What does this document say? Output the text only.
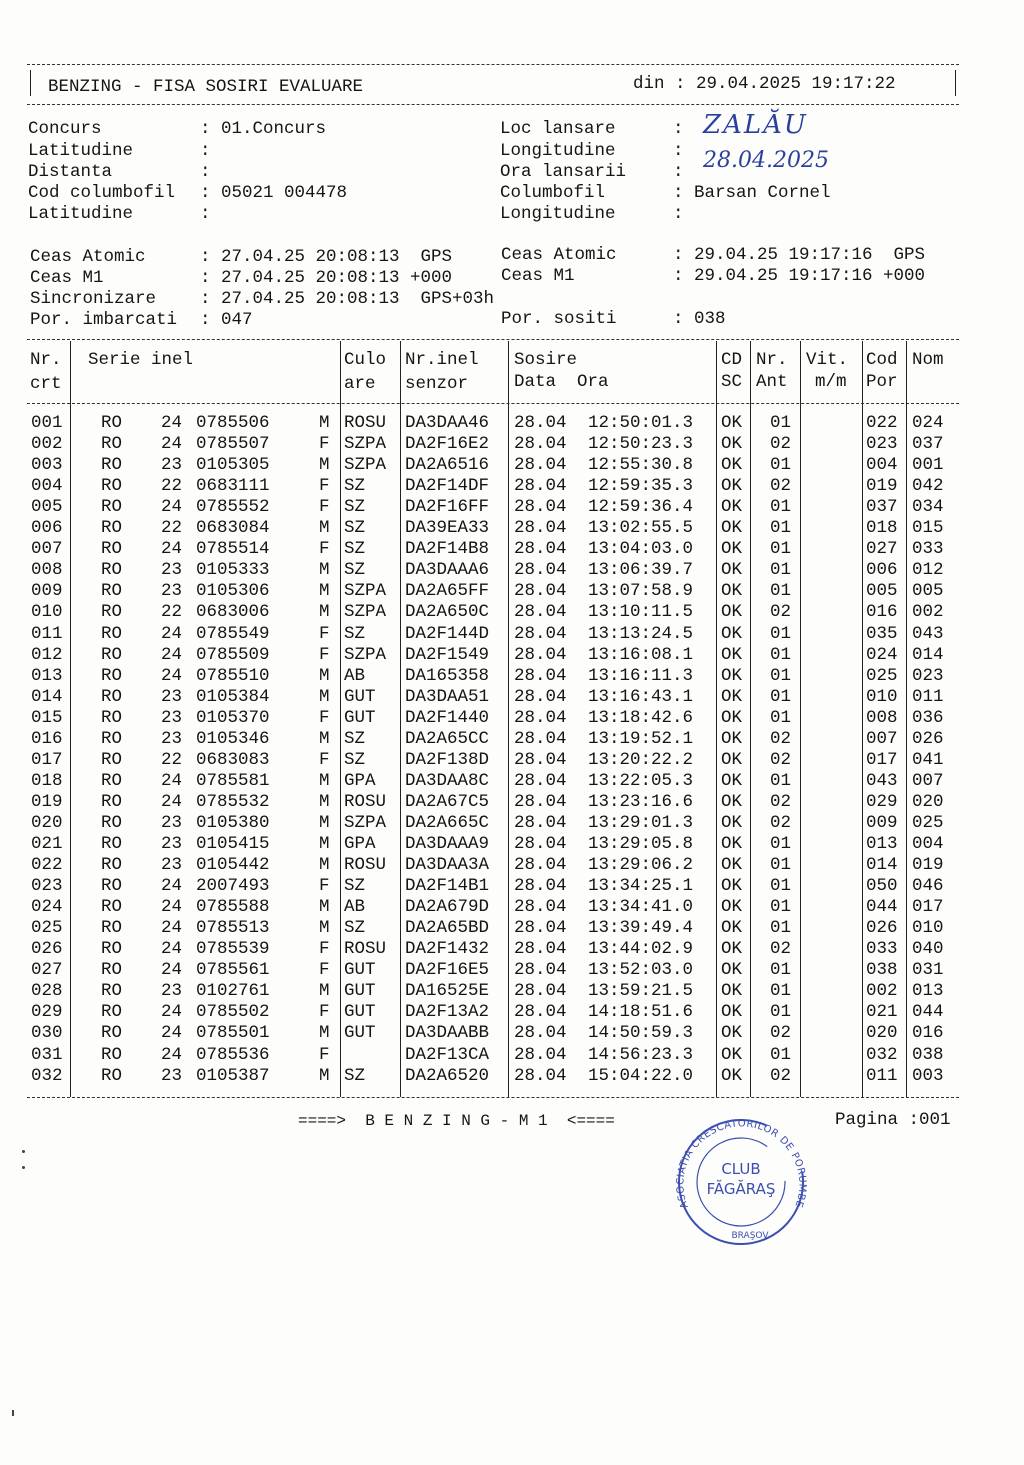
BENZING - FISA SOSIRI EVALUARE	din : 29.04.2025 19:17:22
Concurs	: 01.Concurs
Latitudine	:
Distanta	:
Cod columbofil : 05021 004478
Latitudine	:
Loc lansare	:
Longitudine	:
Ora lansarii	:
Columbofil	: Barsan Cornel
Longitudine	:
ZALĂU
28.04.2025
Ceas Atomic	: 27.04.25 20:08:13  GPS
Ceas M1	: 27.04.25 20:08:13 +000
Sincronizare	: 27.04.25 20:08:13  GPS+03h
Por. imbarcati : 047
Ceas Atomic	: 29.04.25 19:17:16  GPS
Ceas M1	: 29.04.25 19:17:16 +000
Por. sositi	: 038
Nr.
crt
Serie inel	Culo
are
Nr.inel
senzor
Sosire
Data  Ora
CD
SC
Nr.
Ant
Vit.
m/m
Cod
Por
Nom
001 RO 24 0785506	M ROSU DA3DAA46 28.04 12:50:01.3 OK 01	022 024
002 RO 24 0785507	F SZPA DA2F16E2 28.04 12:50:23.3 OK 02	023 037
003 RO 23 0105305	M SZPA DA2A6516 28.04 12:55:30.8 OK 01	004 001
004 RO 22 0683111	F SZ DA2F14DF 28.04 12:59:35.3 OK 02	019 042
005 RO 24 0785552	F SZ DA2F16FF 28.04 12:59:36.4 OK 01	037 034
006 RO 22 0683084	M SZ DA39EA33 28.04 13:02:55.5 OK 01	018 015
007 RO 24 0785514	F SZ DA2F14B8 28.04 13:04:03.0 OK 01	027 033
008 RO 23 0105333	M SZ DA3DAAA6 28.04 13:06:39.7 OK 01	006 012
009 RO 23 0105306	M SZPA DA2A65FF 28.04 13:07:58.9 OK 01	005 005
010 RO 22 0683006	M SZPA DA2A650C 28.04 13:10:11.5 OK 02	016 002
011 RO 24 0785549	F SZ DA2F144D 28.04 13:13:24.5 OK 01	035 043
012 RO 24 0785509	F SZPA DA2F1549 28.04 13:16:08.1 OK 01	024 014
013 RO 24 0785510	M AB DA165358 28.04 13:16:11.3 OK 01	025 023
014 RO 23 0105384	M GUT DA3DAA51 28.04 13:16:43.1 OK 01	010 011
015 RO 23 0105370	F GUT DA2F1440 28.04 13:18:42.6 OK 01	008 036
016 RO 23 0105346	M SZ DA2A65CC 28.04 13:19:52.1 OK 02	007 026
017 RO 22 0683083	F SZ DA2F138D 28.04 13:20:22.2 OK 02	017 041
018 RO 24 0785581	M GPA DA3DAA8C 28.04 13:22:05.3 OK 01	043 007
019 RO 24 0785532	M ROSU DA2A67C5 28.04 13:23:16.6 OK 02	029 020
020 RO 23 0105380	M SZPA DA2A665C 28.04 13:29:01.3 OK 02	009 025
021 RO 23 0105415	M GPA DA3DAAA9 28.04 13:29:05.8 OK 01	013 004
022 RO 23 0105442	M ROSU DA3DAA3A 28.04 13:29:06.2 OK 01	014 019
023 RO 24 2007493	F SZ DA2F14B1 28.04 13:34:25.1 OK 01	050 046
024 RO 24 0785588	M AB DA2A679D 28.04 13:34:41.0 OK 01	044 017
025 RO 24 0785513	M SZ DA2A65BD 28.04 13:39:49.4 OK 01	026 010
026 RO 24 0785539	F ROSU DA2F1432 28.04 13:44:02.9 OK 02	033 040
027 RO 24 0785561	F GUT DA2F16E5 28.04 13:52:03.0 OK 01	038 031
028 RO 23 0102761	M GUT DA16525E 28.04 13:59:21.5 OK 01	002 013
029 RO 24 0785502	F GUT DA2F13A2 28.04 14:18:51.6 OK 01	021 044
030 RO 24 0785501	M GUT DA3DAABB 28.04 14:50:59.3 OK 02	020 016
031 RO 24 0785536	F	DA2F13CA 28.04 14:56:23.3 OK 01	032 038
032 RO 23 0105387	M SZ DA2A6520 28.04 15:04:22.0 OK 02	011 003
====>  B E N Z I N G - M 1  <====	Pagina :001
ASOCIATIA CRESCATORILOR DE PORUMBE
CLUB
FĂGĂRAŞ
BRAŞOV
